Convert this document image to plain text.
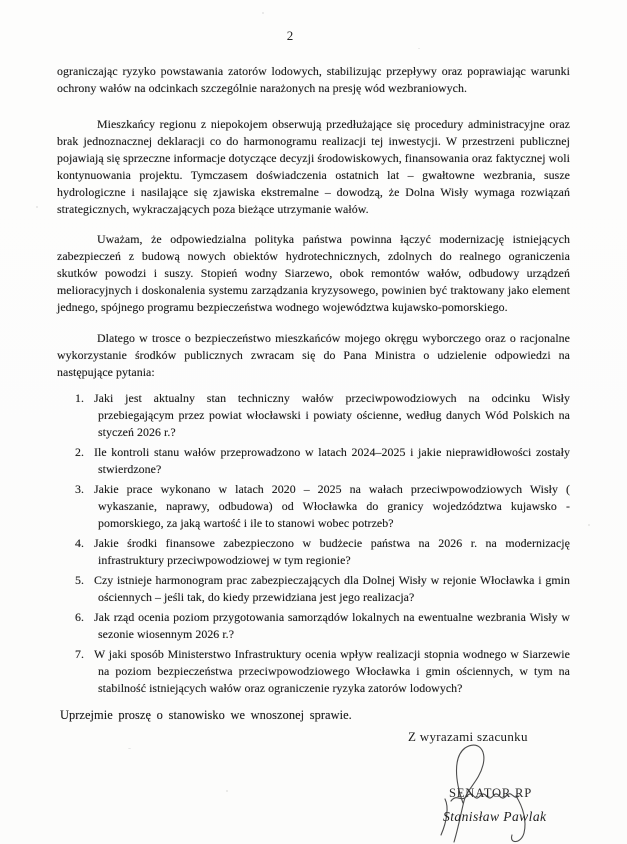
2

ograniczając ryzyko powstawania zatorów lodowych, stabilizując przepływy oraz poprawiając warunki ochrony wałów na odcinkach szczególnie narażonych na presję wód wezbraniowych.

Mieszkańcy regionu z niepokojem obserwują przedłużające się procedury administracyjne oraz brak jednoznacznej deklaracji co do harmonogramu realizacji tej inwestycji. W przestrzeni publicznej pojawiają się sprzeczne informacje dotyczące decyzji środowiskowych, finansowania oraz faktycznej woli kontynuowania projektu. Tymczasem doświadczenia ostatnich lat – gwałtowne wezbrania, susze hydrologiczne i nasilające się zjawiska ekstremalne – dowodzą, że Dolna Wisły wymaga rozwiązań strategicznych, wykraczających poza bieżące utrzymanie wałów.

Uważam, że odpowiedzialna polityka państwa powinna łączyć modernizację istniejących zabezpieczeń z budową nowych obiektów hydrotechnicznych, zdolnych do realnego ograniczenia skutków powodzi i suszy. Stopień wodny Siarzewo, obok remontów wałów, odbudowy urządzeń melioracyjnych i doskonalenia systemu zarządzania kryzysowego, powinien być traktowany jako element jednego, spójnego programu bezpieczeństwa wodnego województwa kujawsko-pomorskiego.

Dlatego w trosce o bezpieczeństwo mieszkańców mojego okręgu wyborczego oraz o racjonalne wykorzystanie środków publicznych zwracam się do Pana Ministra o udzielenie odpowiedzi na następujące pytania:

1. Jaki jest aktualny stan techniczny wałów przeciwpowodziowych na odcinku Wisły przebiegającym przez powiat włocławski i powiaty ościenne, według danych Wód Polskich na styczeń 2026 r.?
2. Ile kontroli stanu wałów przeprowadzono w latach 2024–2025 i jakie nieprawidłowości zostały stwierdzone?
3. Jakie prace wykonano w latach 2020 – 2025 na wałach przeciwpowodziowych Wisły ( wykaszanie, naprawy, odbudowa) od Włocławka do granicy wojedzództwa kujawsko - pomorskiego, za jaką wartość i ile to stanowi wobec potrzeb?
4. Jakie środki finansowe zabezpieczono w budżecie państwa na 2026 r. na modernizację infrastruktury przeciwpowodziowej w tym regionie?
5. Czy istnieje harmonogram prac zabezpieczających dla Dolnej Wisły w rejonie Włocławka i gmin ościennych – jeśli tak, do kiedy przewidziana jest jego realizacja?
6. Jak rząd ocenia poziom przygotowania samorządów lokalnych na ewentualne wezbrania Wisły w sezonie wiosennym 2026 r.?
7. W jaki sposób Ministerstwo Infrastruktury ocenia wpływ realizacji stopnia wodnego w Siarzewie na poziom bezpieczeństwa przeciwpowodziowego Włocławka i gmin ościennych, w tym na stabilność istniejących wałów oraz ograniczenie ryzyka zatorów lodowych?
Uprzejmie proszę o stanowisko we wnoszonej sprawie.
Z wyrazami szacunku
SENATOR RP
Stanisław Pawlak
